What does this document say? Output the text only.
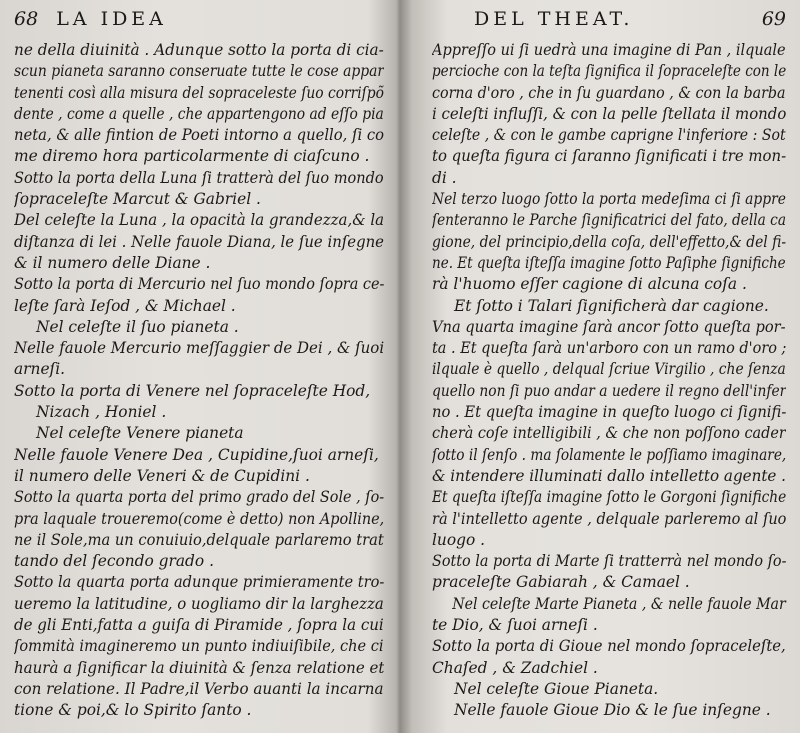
68 LA IDEA
ne della diuinità . Adunque sotto la porta di cia-
scun pianeta saranno conseruate tutte le cose appar
tenenti così alla misura del sopraceleste ſuo corriſpõ
dente , come a quelle , che appartengono ad eſſo pia
neta, & alle fintion de Poeti intorno a quello, ſi co
me diremo hora particolarmente di ciaſcuno .
Sotto la porta della Luna ſi tratterà del ſuo mondo
ſopraceleſte Marcut & Gabriel .
Del celeſte la Luna , la opacità la grandezza,& la
diſtanza di lei . Nelle fauole Diana, le ſue inſegne
& il numero delle Diane .
Sotto la porta di Mercurio nel ſuo mondo ſopra ce-
leſte ſarà Ieſod , & Michael .
Nel celeſte il ſuo pianeta .
Nelle fauole Mercurio meſſaggier de Dei , & ſuoi
arneſi.
Sotto la porta di Venere nel ſopraceleſte Hod,
Nizach , Honiel .
Nel celeſte Venere pianeta
Nelle fauole Venere Dea , Cupidine,ſuoi arneſi,
il numero delle Veneri & de Cupidini .
Sotto la quarta porta del primo grado del Sole , ſo-
pra laquale troueremo(come è detto) non Apolline,
ne il Sole,ma un conuiuio,delquale parlaremo trat
tando del ſecondo grado .
Sotto la quarta porta adunque primieramente tro-
ueremo la latitudine, o uogliamo dir la larghezza
de gli Enti,fatta a guiſa di Piramide , ſopra la cui
ſommità imagineremo un punto indiuiſibile, che ci
haurà a ſignificar la diuinità & ſenza relatione et
con relatione. Il Padre,il Verbo auanti la incarna
tione & poi,& lo Spirito ſanto .
DEL THEAT.	69
Appreſſo ui ſi uedrà una imagine di Pan , ilquale
percioche con la teſta ſignifica il ſopraceleſte con le
corna d'oro , che in ſu guardano , & con la barba
i celeſti influſſi, & con la pelle ſtellata il mondo
celeſte , & con le gambe caprigne l'inferiore : Sot
to queſta figura ci ſaranno ſignificati i tre mon-
di .
Nel terzo luogo ſotto la porta medeſima ci ſi appre
ſenteranno le Parche ſignificatrici del fato, della ca
gione, del principio,della coſa, dell'effetto,& del fi-
ne. Et queſta iſteſſa imagine ſotto Paſiphe ſignifiche
rà l'huomo eſſer cagione di alcuna coſa .
Et ſotto i Talari ſignificherà dar cagione.
Vna quarta imagine ſarà ancor ſotto queſta por-
ta . Et queſta ſarà un'arboro con un ramo d'oro ;
ilquale è quello , delqual ſcriue Virgilio , che ſenza
quello non ſi puo andar a uedere il regno dell'infer
no . Et queſta imagine in queſto luogo ci ſignifi-
cherà coſe intelligibili , & che non poſſono cader
ſotto il ſenſo . ma ſolamente le poſſiamo imaginare,
& intendere illuminati dallo intelletto agente .
Et queſta iſteſſa imagine ſotto le Gorgoni ſignifiche
rà l'intelletto agente , delquale parleremo al ſuo
luogo .
Sotto la porta di Marte ſi tratterrà nel mondo ſo-
praceleſte Gabiarah , & Camael .
Nel celeſte Marte Pianeta , & nelle fauole Mar
te Dio, & ſuoi arneſi .
Sotto la porta di Gioue nel mondo ſopraceleſte,
Chaſed , & Zadchiel .
Nel celeſte Gioue Pianeta.
Nelle fauole Gioue Dio & le ſue inſegne .
